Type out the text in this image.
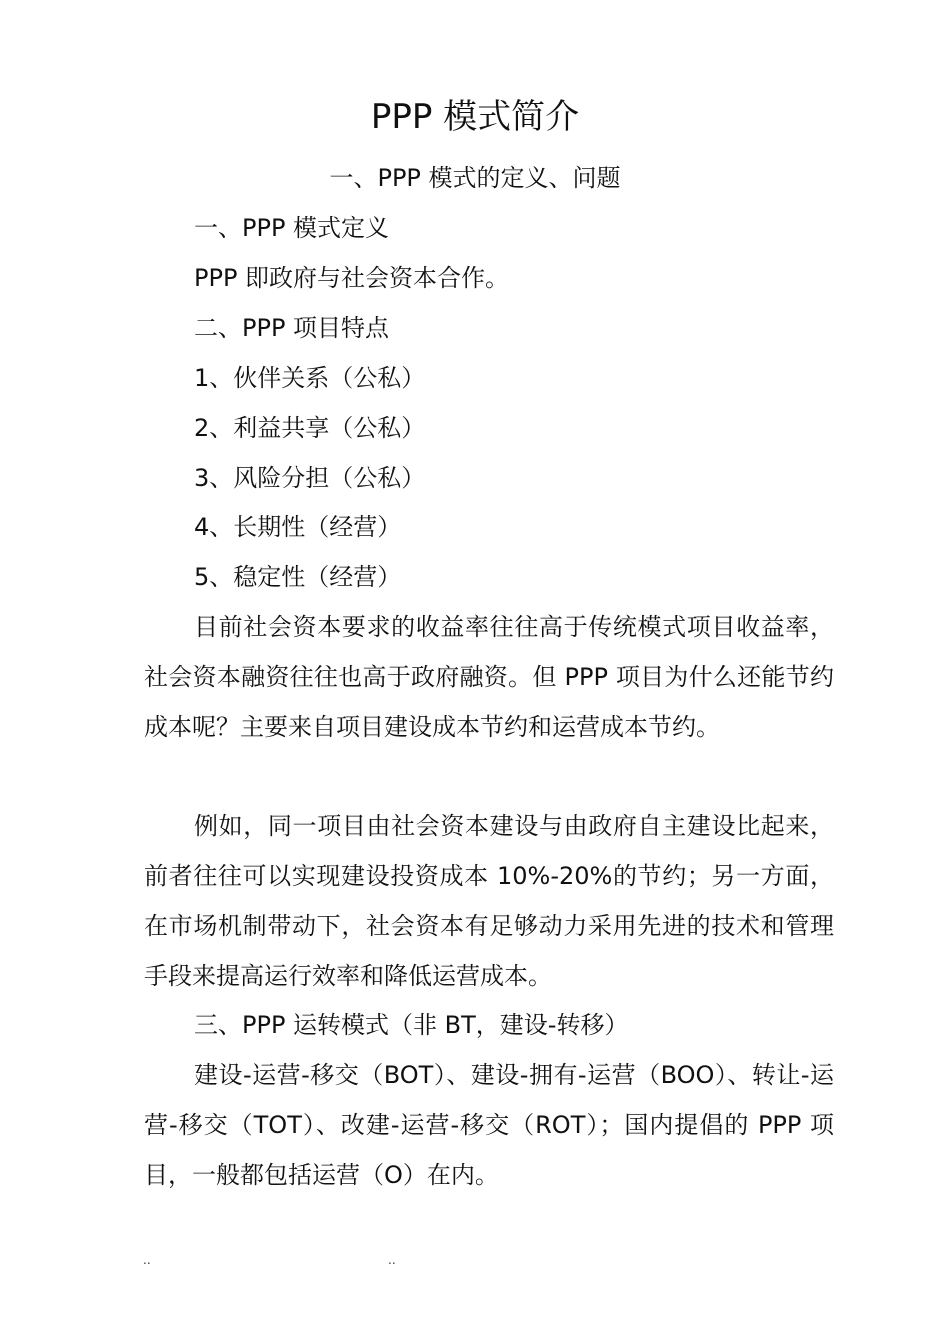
PPP 模式简介
一、PPP 模式的定义、问题

一、PPP 模式定义

PPP 即政府与社会资本合作。

二、PPP 项目特点

1、伙伴关系（公私）

2、利益共享（公私）

3、风险分担（公私）

4、长期性（经营）

5、稳定性（经营）

目前社会资本要求的收益率往往高于传统模式项目收益率，社会资本融资往往也高于政府融资。但 PPP 项目为什么还能节约成本呢？主要来自项目建设成本节约和运营成本节约。

例如，同一项目由社会资本建设与由政府自主建设比起来，前者往往可以实现建设投资成本 10%-20%的节约；另一方面，在市场机制带动下，社会资本有足够动力采用先进的技术和管理手段来提高运行效率和降低运营成本。

三、PPP 运转模式（非 BT，建设-转移）

建设-运营-移交（BOT）、建设-拥有-运营（BOO）、转让-运营-移交（TOT）、改建-运营-移交（ROT）；国内提倡的 PPP 项目，一般都包括运营（O）在内。

..	..
